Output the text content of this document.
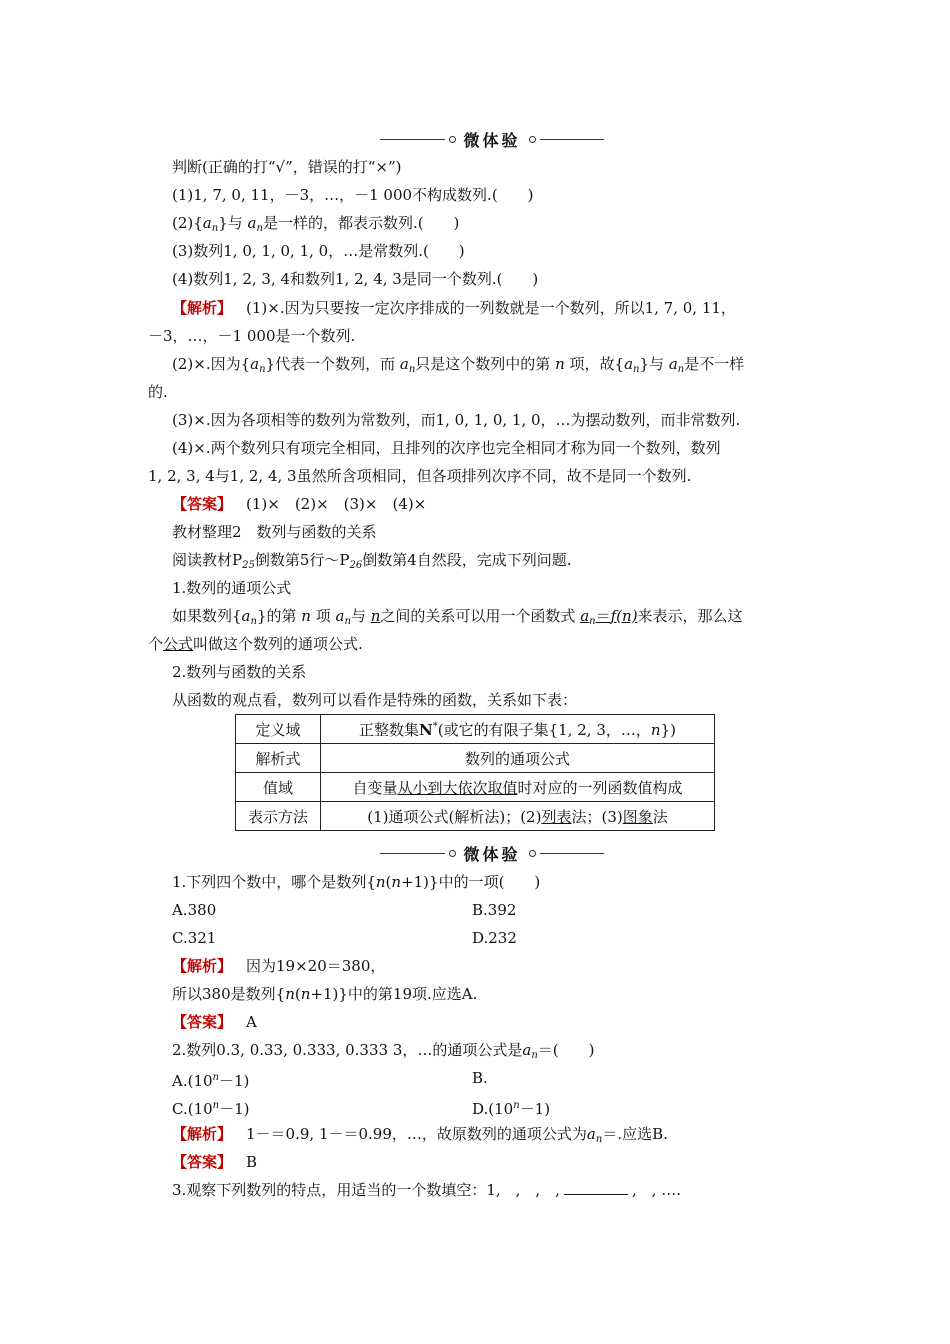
微体验
判断(正确的打“√”，错误的打“×”)
(1)1, 7, 0, 11，－3，…，－1 000不构成数列.(　　)
$(2)\{a_n\}$与 $a_n$是一样的，都表示数列.(　　)
(3)数列1, 0, 1, 0, 1, 0，…是常数列.(　　)
(4)数列1, 2, 3, 4和数列1, 2, 4, 3是同一个数列.(　　)
【解析】 (1)×.因为只要按一定次序排成的一列数就是一个数列，所以1, 7, 0, 11，
－3，…，－1 000是一个数列.
(2)×.因为$\{a_n\}$代表一个数列，而 $a_n$只是这个数列中的第 n 项，故$\{a_n\}$与 $a_n$是不一样
的.
(3)×.因为各项相等的数列为常数列，而1, 0, 1, 0, 1, 0，…为摆动数列，而非常数列.
(4)×.两个数列只有项完全相同，且排列的次序也完全相同才称为同一个数列，数列
1, 2, 3, 4与1, 2, 4, 3虽然所含项相同，但各项排列次序不同，故不是同一个数列.
【答案】 (1)×　(2)×　(3)×　(4)×
教材整理2　数列与函数的关系
阅读教材$P_{25}$倒数第5行$\sim P_{26}$倒数第4自然段，完成下列问题.
1.数列的通项公式
如果数列$\{a_n\}$的第 n 项 $a_n$与 n之间的关系可以用一个函数式 $a_n=f(n)$来表示，那么这
个公式叫做这个数列的通项公式.
2.数列与函数的关系
从函数的观点看，数列可以看作是特殊的函数，关系如下表：
定义域	正整数集N*(或它的有限子集{1, 2, 3，…，n})
解析式	数列的通项公式
值域	自变量从小到大依次取值时对应的一列函数值构成
表示方法	(1)通项公式(解析法)；(2)列表法；(3)图象法
微体验
1.下列四个数中，哪个是数列{n(n+1)}中的一项(　　)
A.380	B.392
C.321	D.232
【解析】 因为19×20＝380，
所以380是数列{n(n+1)}中的第19项.应选A.
【答案】 A
2.数列0.3, 0.33, 0.333, 0.333 3，…的通项公式是$a_n=$(　　)
$A.(10^n-1)$	B.
$C.(10^n-1)$	$D.(10^n-1)$
【解析】 1－＝0.9, 1－＝0.99，…，故原数列的通项公式为$a_n=$.应选B.
【答案】 B
3.观察下列数列的特点，用适当的一个数填空：1,　,　,　,	,　, ….
